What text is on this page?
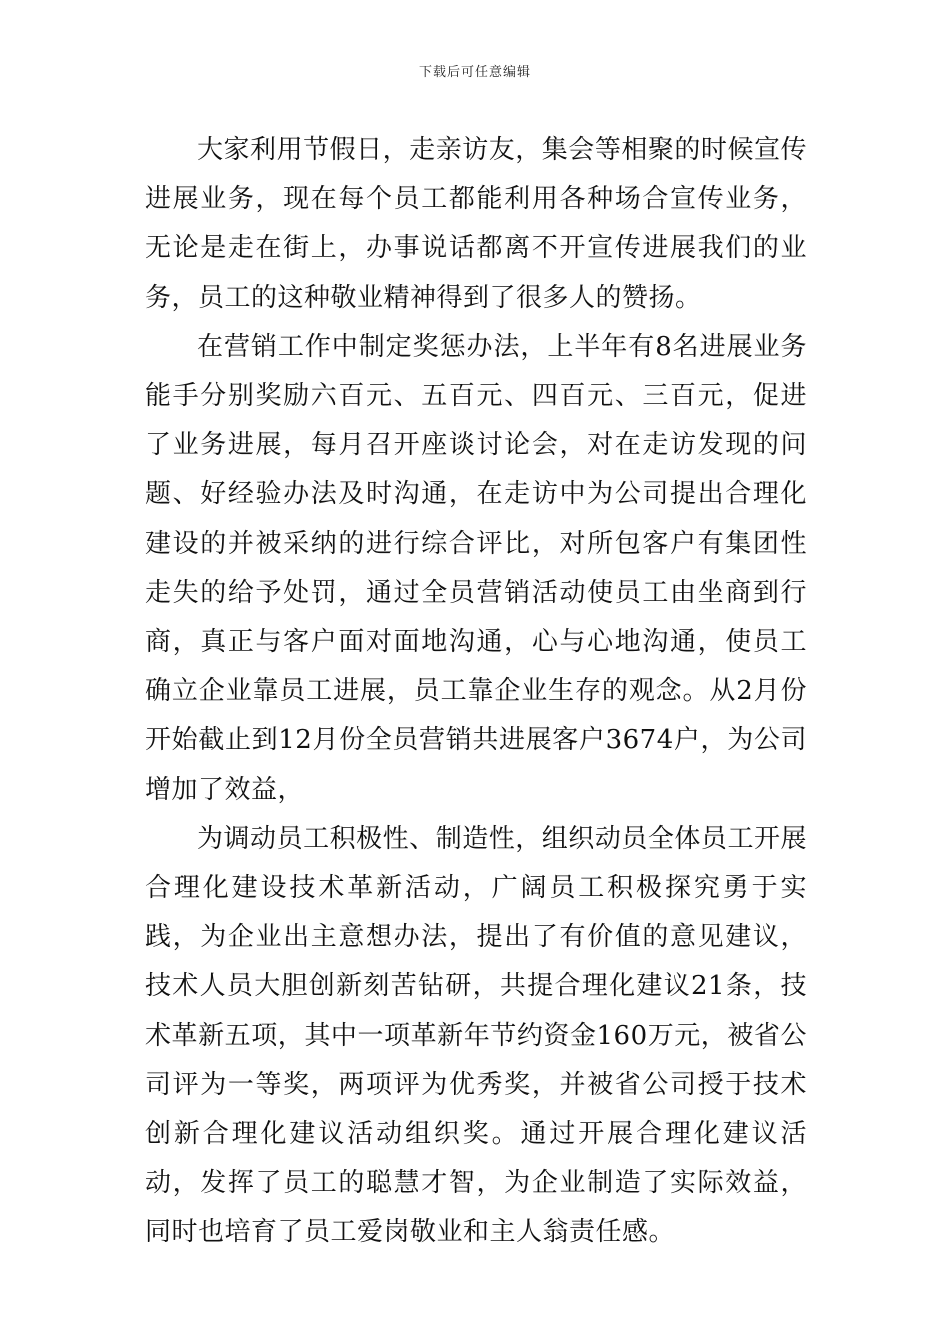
下载后可任意编辑

大家利用节假日，走亲访友，集会等相聚的时候宣传进展业务，现在每个员工都能利用各种场合宣传业务，无论是走在街上，办事说话都离不开宣传进展我们的业务，员工的这种敬业精神得到了很多人的赞扬。

在营销工作中制定奖惩办法，上半年有8名进展业务能手分别奖励六百元、五百元、四百元、三百元，促进了业务进展，每月召开座谈讨论会，对在走访发现的问题、好经验办法及时沟通，在走访中为公司提出合理化建设的并被采纳的进行综合评比，对所包客户有集团性走失的给予处罚，通过全员营销活动使员工由坐商到行商，真正与客户面对面地沟通，心与心地沟通，使员工确立企业靠员工进展，员工靠企业生存的观念。从2月份开始截止到12月份全员营销共进展客户3674户，为公司增加了效益，

为调动员工积极性、制造性，组织动员全体员工开展合理化建设技术革新活动，广阔员工积极探究勇于实践，为企业出主意想办法，提出了有价值的意见建议，技术人员大胆创新刻苦钻研，共提合理化建议21条，技术革新五项，其中一项革新年节约资金160万元，被省公司评为一等奖，两项评为优秀奖，并被省公司授于技术创新合理化建议活动组织奖。通过开展合理化建议活动，发挥了员工的聪慧才智，为企业制造了实际效益，同时也培育了员工爱岗敬业和主人翁责任感。
